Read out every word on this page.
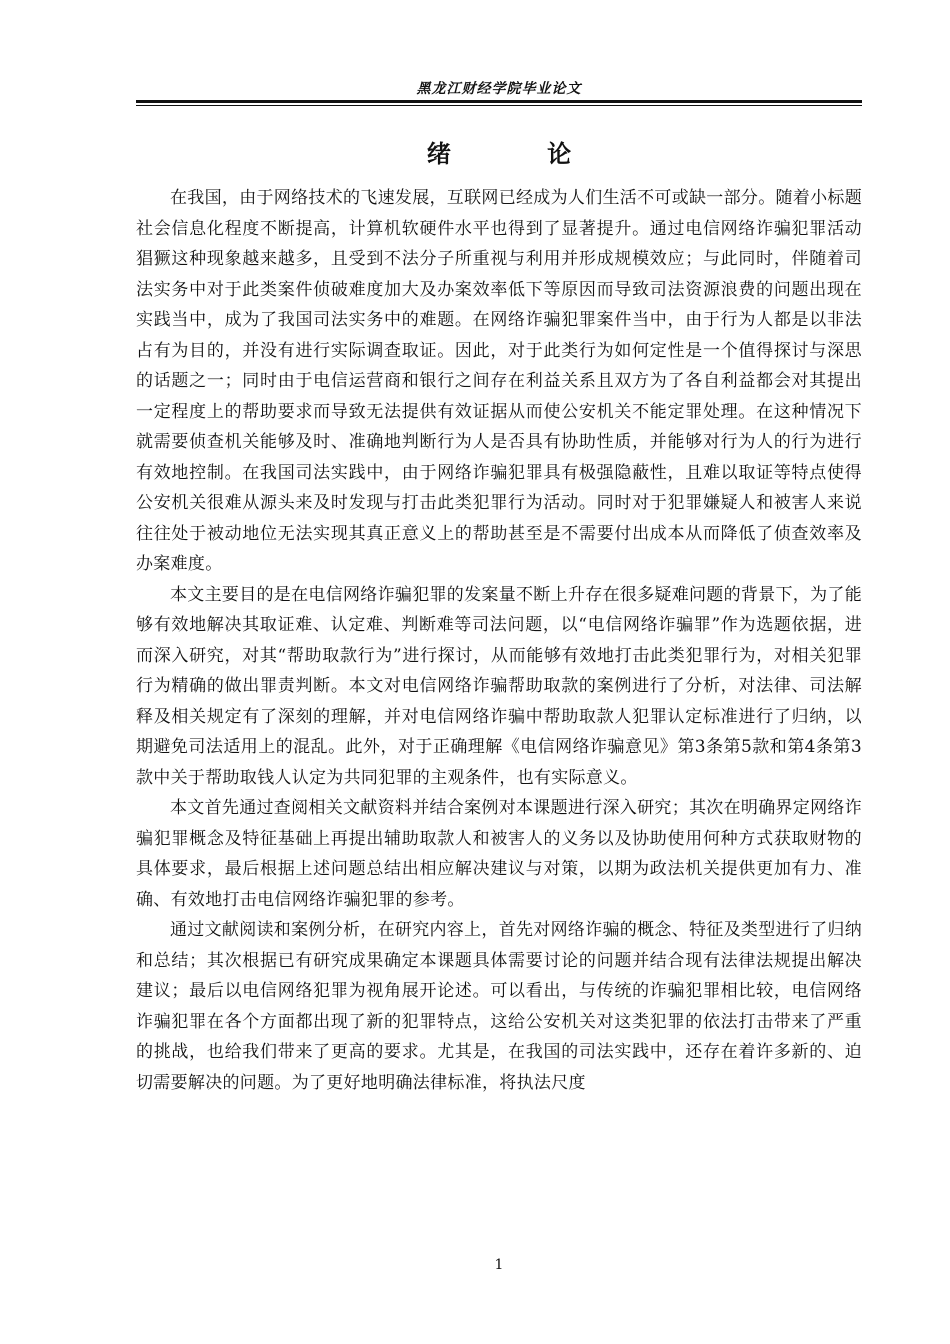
黑龙江财经学院毕业论文
绪 论

在我国，由于网络技术的飞速发展，互联网已经成为人们生活不可或缺一部分。随着小标题社会信息化程度不断提高，计算机软硬件水平也得到了显著提升。通过电信网络诈骗犯罪活动猖獗这种现象越来越多，且受到不法分子所重视与利用并形成规模效应；与此同时，伴随着司法实务中对于此类案件侦破难度加大及办案效率低下等原因而导致司法资源浪费的问题出现在实践当中，成为了我国司法实务中的难题。在网络诈骗犯罪案件当中，由于行为人都是以非法占有为目的，并没有进行实际调查取证。因此，对于此类行为如何定性是一个值得探讨与深思的话题之一；同时由于电信运营商和银行之间存在利益关系且双方为了各自利益都会对其提出一定程度上的帮助要求而导致无法提供有效证据从而使公安机关不能定罪处理。在这种情况下就需要侦查机关能够及时、准确地判断行为人是否具有协助性质，并能够对行为人的行为进行有效地控制。在我国司法实践中，由于网络诈骗犯罪具有极强隐蔽性，且难以取证等特点使得公安机关很难从源头来及时发现与打击此类犯罪行为活动。同时对于犯罪嫌疑人和被害人来说往往处于被动地位无法实现其真正意义上的帮助甚至是不需要付出成本从而降低了侦查效率及办案难度。

本文主要目的是在电信网络诈骗犯罪的发案量不断上升存在很多疑难问题的背景下，为了能够有效地解决其取证难、认定难、判断难等司法问题，以“电信网络诈骗罪”作为选题依据，进而深入研究，对其“帮助取款行为”进行探讨，从而能够有效地打击此类犯罪行为，对相关犯罪行为精确的做出罪责判断。本文对电信网络诈骗帮助取款的案例进行了分析，对法律、司法解释及相关规定有了深刻的理解，并对电信网络诈骗中帮助取款人犯罪认定标准进行了归纳，以期避免司法适用上的混乱。此外，对于正确理解《电信网络诈骗意见》第3条第5款和第4条第3款中关于帮助取钱人认定为共同犯罪的主观条件，也有实际意义。

本文首先通过查阅相关文献资料并结合案例对本课题进行深入研究；其次在明确界定网络诈骗犯罪概念及特征基础上再提出辅助取款人和被害人的义务以及协助使用何种方式获取财物的具体要求，最后根据上述问题总结出相应解决建议与对策，以期为政法机关提供更加有力、准确、有效地打击电信网络诈骗犯罪的参考。

通过文献阅读和案例分析，在研究内容上，首先对网络诈骗的概念、特征及类型进行了归纳和总结；其次根据已有研究成果确定本课题具体需要讨论的问题并结合现有法律法规提出解决建议；最后以电信网络犯罪为视角展开论述。可以看出，与传统的诈骗犯罪相比较，电信网络诈骗犯罪在各个方面都出现了新的犯罪特点，这给公安机关对这类犯罪的依法打击带来了严重的挑战，也给我们带来了更高的要求。尤其是，在我国的司法实践中，还存在着许多新的、迫切需要解决的问题。为了更好地明确法律标准，将执法尺度

1
